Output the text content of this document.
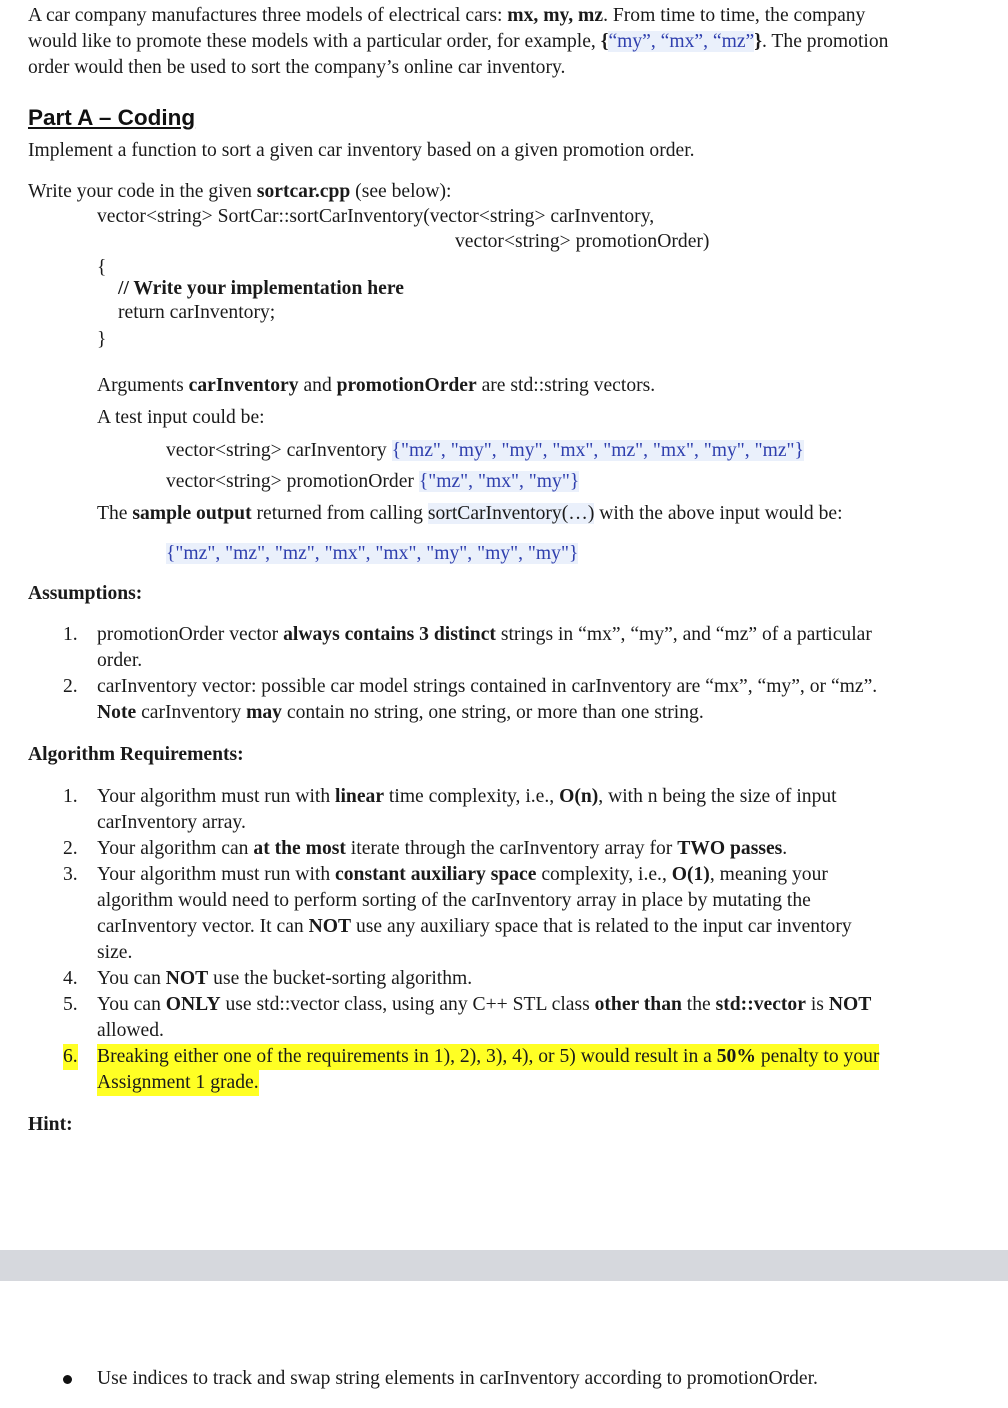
A car company manufactures three models of electrical cars: mx, my, mz. From time to time, the company
would like to promote these models with a particular order, for example, {“my”, “mx”, “mz”}. The promotion
order would then be used to sort the company’s online car inventory.
Part A – Coding
Implement a function to sort a given car inventory based on a given promotion order.
Write your code in the given sortcar.cpp (see below):
vector<string> SortCar::sortCarInventory(vector<string> carInventory,
vector<string> promotionOrder)
{
// Write your implementation here
return carInventory;
}
Arguments carInventory and promotionOrder are std::string vectors.
A test input could be:
vector<string> carInventory {"mz", "my", "my", "mx", "mz", "mx", "my", "mz"}
vector<string> promotionOrder {"mz", "mx", "my"}
The sample output returned from calling sortCarInventory(…) with the above input would be:
{"mz", "mz", "mz", "mx", "mx", "my", "my", "my"}
Assumptions:
1. promotionOrder vector always contains 3 distinct strings in “mx”, “my”, and “mz” of a particular
order.
2. carInventory vector: possible car model strings contained in carInventory are “mx”, “my”, or “mz”.
Note carInventory may contain no string, one string, or more than one string.
Algorithm Requirements:
1. Your algorithm must run with linear time complexity, i.e., O(n), with n being the size of input
carInventory array.
2. Your algorithm can at the most iterate through the carInventory array for TWO passes.
3. Your algorithm must run with constant auxiliary space complexity, i.e., O(1), meaning your
algorithm would need to perform sorting of the carInventory array in place by mutating the
carInventory vector. It can NOT use any auxiliary space that is related to the input car inventory
size.
4. You can NOT use the bucket-sorting algorithm.
5. You can ONLY use std::vector class, using any C++ STL class other than the std::vector is NOT
allowed.
6. Breaking either one of the requirements in 1), 2), 3), 4), or 5) would result in a 50% penalty to your
Assignment 1 grade.
Hint:
Use indices to track and swap string elements in carInventory according to promotionOrder.
